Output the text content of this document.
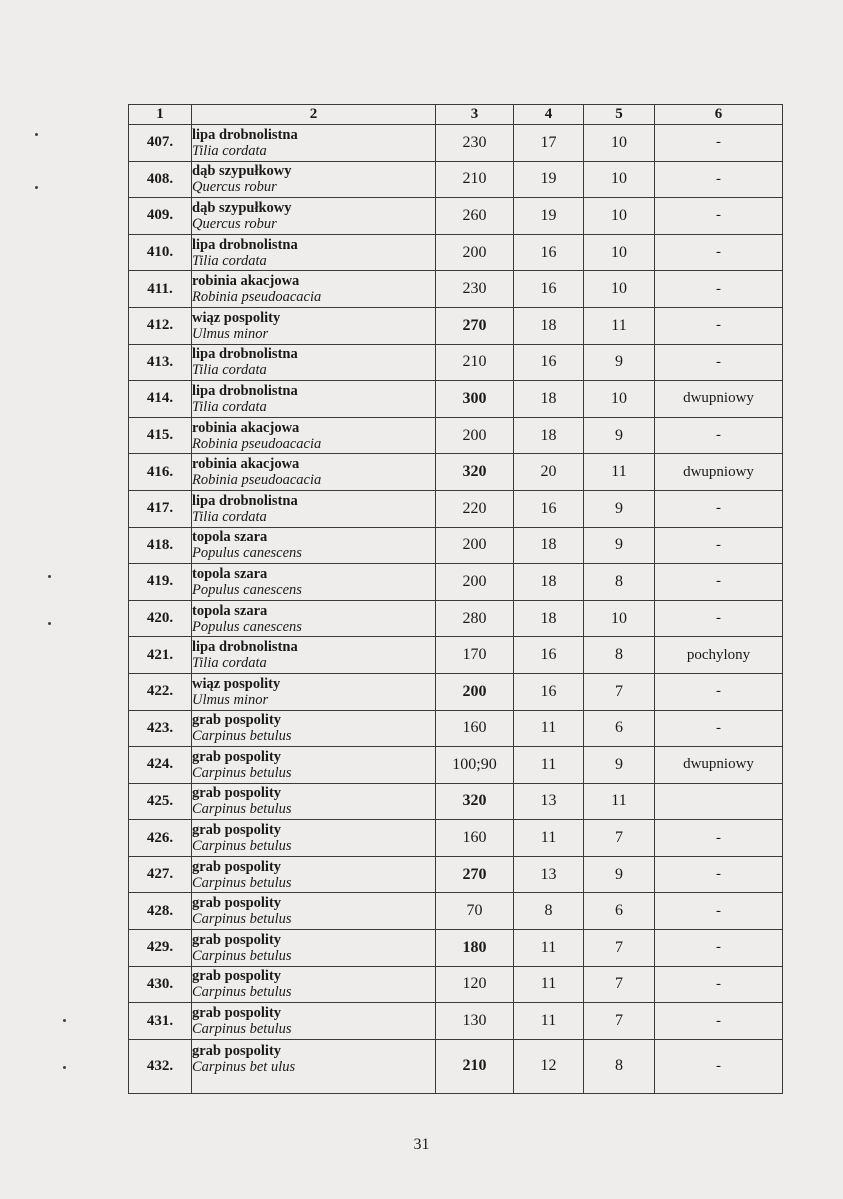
1	2	3	4	5	6
407.	lipa drobnolistna
Tilia cordata	230	17	10	-
408.	dąb szypułkowy
Quercus robur	210	19	10	-
409.	dąb szypułkowy
Quercus robur	260	19	10	-
410.	lipa drobnolistna
Tilia cordata	200	16	10	-
411.	robinia akacjowa
Robinia pseudoacacia	230	16	10	-
412.	wiąz pospolity
Ulmus minor	270	18	11	-
413.	lipa drobnolistna
Tilia cordata	210	16	9	-
414.	lipa drobnolistna
Tilia cordata	300	18	10	dwupniowy
415.	robinia akacjowa
Robinia pseudoacacia	200	18	9	-
416.	robinia akacjowa
Robinia pseudoacacia	320	20	11	dwupniowy
417.	lipa drobnolistna
Tilia cordata	220	16	9	-
418.	topola szara
Populus canescens	200	18	9	-
419.	topola szara
Populus canescens	200	18	8	-
420.	topola szara
Populus canescens	280	18	10	-
421.	lipa drobnolistna
Tilia cordata	170	16	8	pochylony
422.	wiąz pospolity
Ulmus minor	200	16	7	-
423.	grab pospolity
Carpinus betulus	160	11	6	-
424.	grab pospolity
Carpinus betulus	100;90	11	9	dwupniowy
425.	grab pospolity
Carpinus betulus	320	13	11	
426.	grab pospolity
Carpinus betulus	160	11	7	-
427.	grab pospolity
Carpinus betulus	270	13	9	-
428.	grab pospolity
Carpinus betulus	70	8	6	-
429.	grab pospolity
Carpinus betulus	180	11	7	-
430.	grab pospolity
Carpinus betulus	120	11	7	-
431.	grab pospolity
Carpinus betulus	130	11	7	-
432.	grab pospolity
Carpinus bet ulus	210	12	8	-
31
